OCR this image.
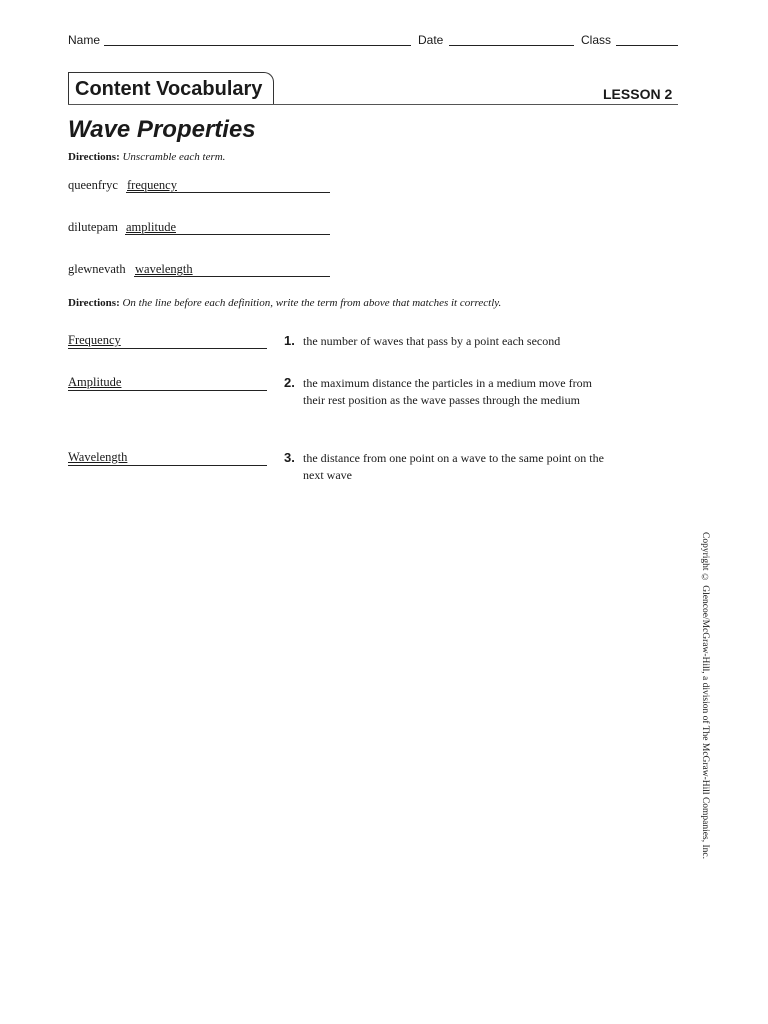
Name	Date	Class
Content Vocabulary	LESSON 2
Wave Properties
Directions: Unscramble each term.
queenfryc frequency
dilutepam amplitude
glewnevath wavelength
Directions: On the line before each definition, write the term from above that matches it correctly.
Frequency	1. the number of waves that pass by a point each second
Amplitude	2. the maximum distance the particles in a medium move from their rest position as the wave passes through the medium
Wavelength	3. the distance from one point on a wave to the same point on the next wave
Copyright © Glencoe/McGraw-Hill, a division of The McGraw-Hill Companies, Inc.
